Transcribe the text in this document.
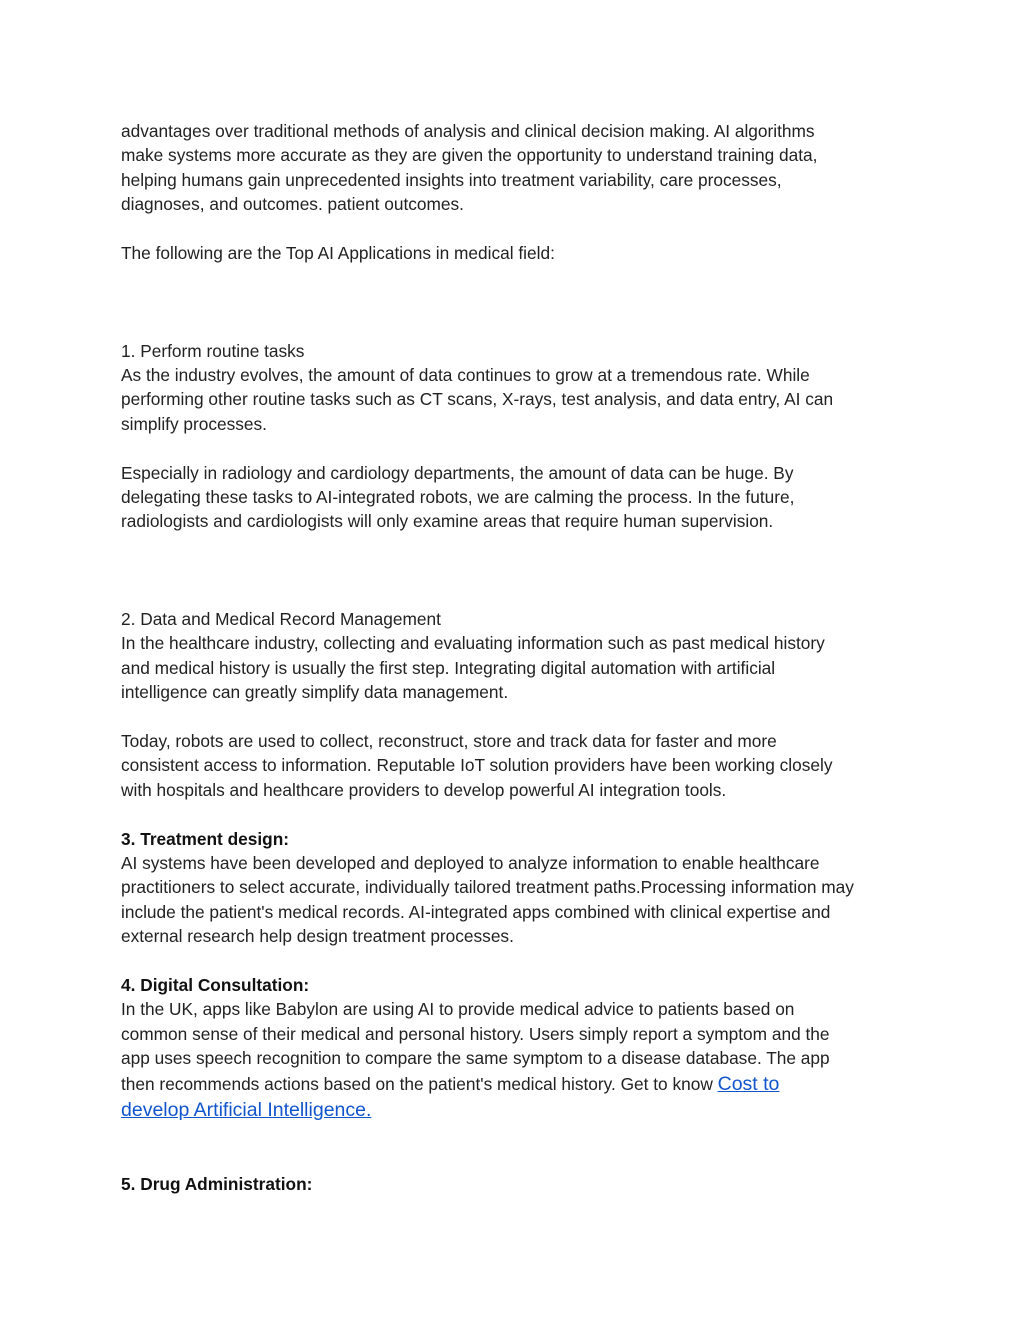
advantages over traditional methods of analysis and clinical decision making. AI algorithms

make systems more accurate as they are given the opportunity to understand training data,

helping humans gain unprecedented insights into treatment variability, care processes,

diagnoses, and outcomes. patient outcomes.

The following are the Top AI Applications in medical field:

1. Perform routine tasks

As the industry evolves, the amount of data continues to grow at a tremendous rate. While

performing other routine tasks such as CT scans, X-rays, test analysis, and data entry, AI can

simplify processes.

Especially in radiology and cardiology departments, the amount of data can be huge. By

delegating these tasks to AI-integrated robots, we are calming the process. In the future,

radiologists and cardiologists will only examine areas that require human supervision.

2. Data and Medical Record Management

In the healthcare industry, collecting and evaluating information such as past medical history

and medical history is usually the first step. Integrating digital automation with artificial

intelligence can greatly simplify data management.

Today, robots are used to collect, reconstruct, store and track data for faster and more

consistent access to information. Reputable IoT solution providers have been working closely

with hospitals and healthcare providers to develop powerful AI integration tools.

3. Treatment design:

AI systems have been developed and deployed to analyze information to enable healthcare

practitioners to select accurate, individually tailored treatment paths.Processing information may

include the patient's medical records. AI-integrated apps combined with clinical expertise and

external research help design treatment processes.

4. Digital Consultation:

In the UK, apps like Babylon are using AI to provide medical advice to patients based on

common sense of their medical and personal history. Users simply report a symptom and the

app uses speech recognition to compare the same symptom to a disease database. The app

then recommends actions based on the patient's medical history. Get to know Cost to

develop Artificial Intelligence.

5. Drug Administration:
